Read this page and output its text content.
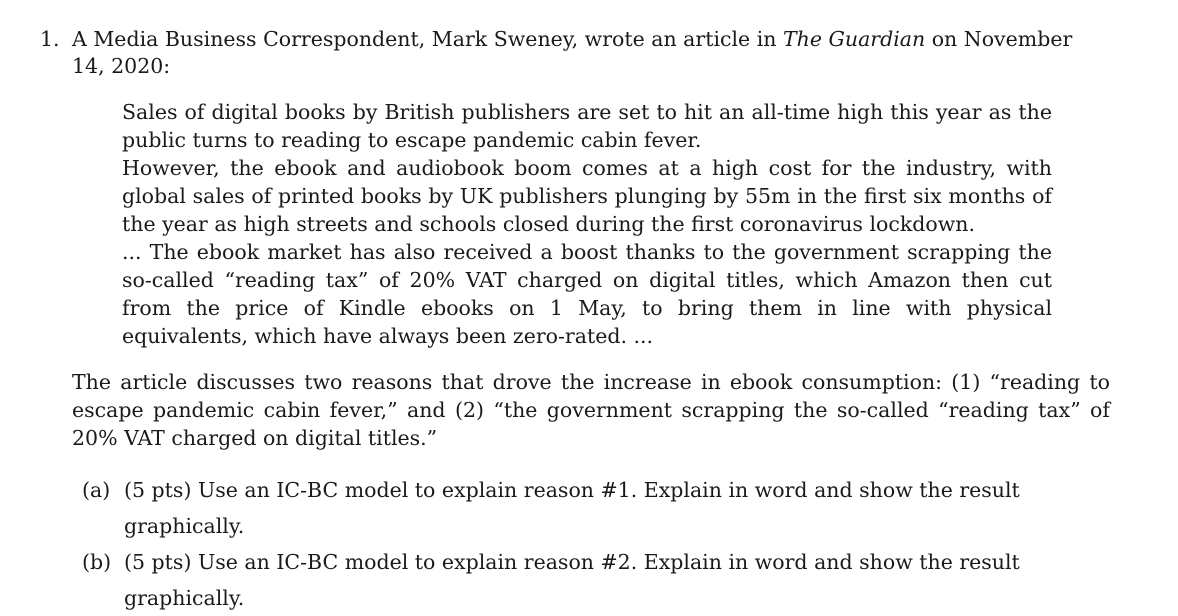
1. A Media Business Correspondent, Mark Sweney, wrote an article in The Guardian on November 14, 2020:

Sales of digital books by British publishers are set to hit an all-time high this year as the public turns to reading to escape pandemic cabin fever.

However, the ebook and audiobook boom comes at a high cost for the industry, with global sales of printed books by UK publishers plunging by 55m in the first six months of the year as high streets and schools closed during the first coronavirus lockdown.

... The ebook market has also received a boost thanks to the government scrapping the so-called “reading tax” of 20% VAT charged on digital titles, which Amazon then cut from the price of Kindle ebooks on 1 May, to bring them in line with physical equivalents, which have always been zero-rated. ...

The article discusses two reasons that drove the increase in ebook consumption: (1) “reading to escape pandemic cabin fever,” and (2) “the government scrapping the so-called “reading tax” of 20% VAT charged on digital titles.”
(a) (5 pts) Use an IC-BC model to explain reason #1. Explain in word and show the result graphically.
(b) (5 pts) Use an IC-BC model to explain reason #2. Explain in word and show the result graphically.
